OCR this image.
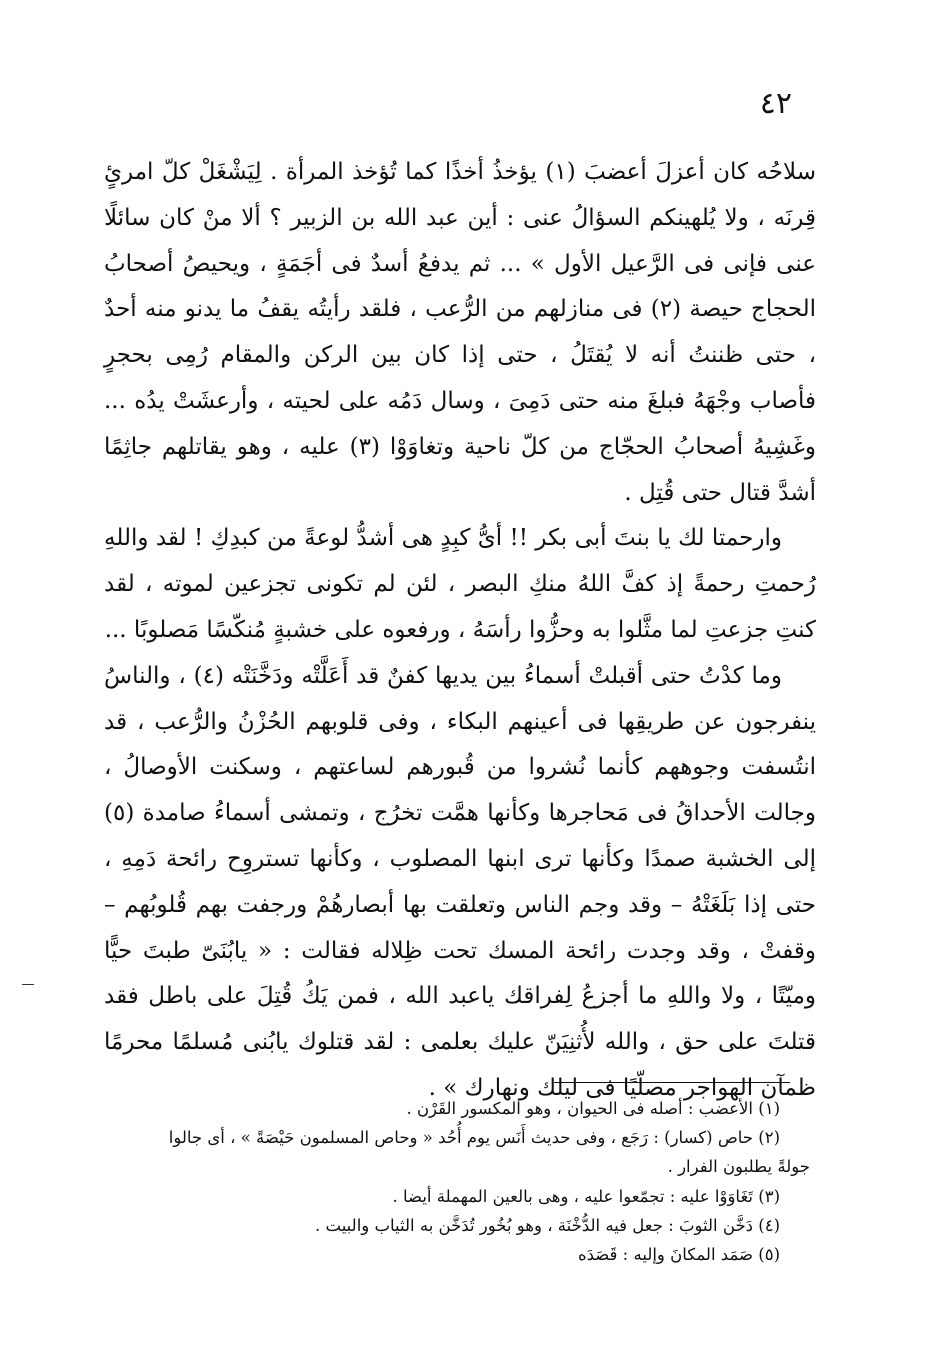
٤٢

سلاحُه كان أعزلَ أعضبَ (١) يؤخذُ أخذًا كما تُؤخذ المرأة . لِيَشْغَلْ كلّ امرئٍ قِرنَه ، ولا يُلهينكم السؤالُ عنى : أين عبد الله بن الزبير ؟ ألا منْ كان سائلًا عنى فإنى فى الرَّعيل الأول » ... ثم يدفعُ أسدٌ فى أجَمَةٍ ، ويحيصُ أصحابُ الحجاج حيصة (٢) فى منازلهم من الرُّعب ، فلقد رأيتُه يقفُ ما يدنو منه أحدٌ ، حتى ظننتُ أنه لا يُقتَلُ ، حتى إذا كان بين الركن والمقام رُمِى بحجرٍ فأصاب وجْهَهُ فبلغَ منه حتى دَمِىَ ، وسال دَمُه على لحيته ، وأرعشَتْ يدُه ... وغَشِيهُ أصحابُ الحجّاج من كلّ ناحية وتغاوَوْا (٣) عليه ، وهو يقاتلهم جاثِمًا أشدَّ قتال حتى قُتِل .

وارحمتا لك يا بنتَ أبى بكر !! أىُّ كبِدٍ هى أشدُّ لوعةً من كبدِكِ ! لقد واللهِ رُحمتِ رحمةً إذ كفَّ اللهُ منكِ البصر ، لئن لم تكونى تجزعين لموته ، لقد كنتِ جزعتِ لما مثَّلوا به وحزُّوا رأسَهُ ، ورفعوه على خشبةٍ مُنكّسًا مَصلوبًا ...

وما كدْتُ حتى أقبلتْ أسماءُ بين يديها كفنٌ قد أَعَلَّتْه ودَخَّنَتْه (٤) ، والناسُ ينفرجون عن طريقِها فى أعينهم البكاء ، وفى قلوبهم الحُزْنُ والرُّعب ، قد انتُسفت وجوههم كأنما نُشروا من قُبورهم لساعتهم ، وسكنت الأوصالُ ، وجالت الأحداقُ فى مَحاجرها وكأنها همَّت تخرُج ، وتمشى أسماءُ صامدة (٥) إلى الخشبة صمدًا وكأنها ترى ابنها المصلوب ، وكأنها تستروِح رائحة دَمِهِ ، حتى إذا بَلَغَتْهُ – وقد وجم الناس وتعلقت بها أبصارهُمْ ورجفت بهم قُلوبُهم – وقفتْ ، وقد وجدت رائحة المسك تحت ظِلاله فقالت : « يابُنَىّ طبتَ حيًّا وميّتًا ، ولا واللهِ ما أجزعُ لِفراقك ياعبد الله ، فمن يَكُ قُتِلَ على باطل فقد قتلتَ على حق ، والله لأُثنِيَنّ عليك بعلمى : لقد قتلوك يابُنى مُسلمًا محرمًا ظمآن الهواجر مصلّيًا فى ليلك ونهارك » .

(١) الأعضب : أصله فى الحيوان ، وهو المكسور القَرْن .

(٢) حاص (كسار) : رَجَع ، وفى حديث أَنَس يوم أُحُد « وحاص المسلمون حَيْصَةً » ، أى جالوا

جولةً يطلبون الفرار .

(٣) تَغَاوَوْا عليه : تجمّعوا عليه ، وهى بالعين المهملة أيضا .

(٤) دَخَّن الثوبَ : جعل فيه الدُّخْنَة ، وهو بُخُور تُدَخَّن به الثياب والبيت .

(٥) صَمَد المكانَ وإليه : قَصَدَه
